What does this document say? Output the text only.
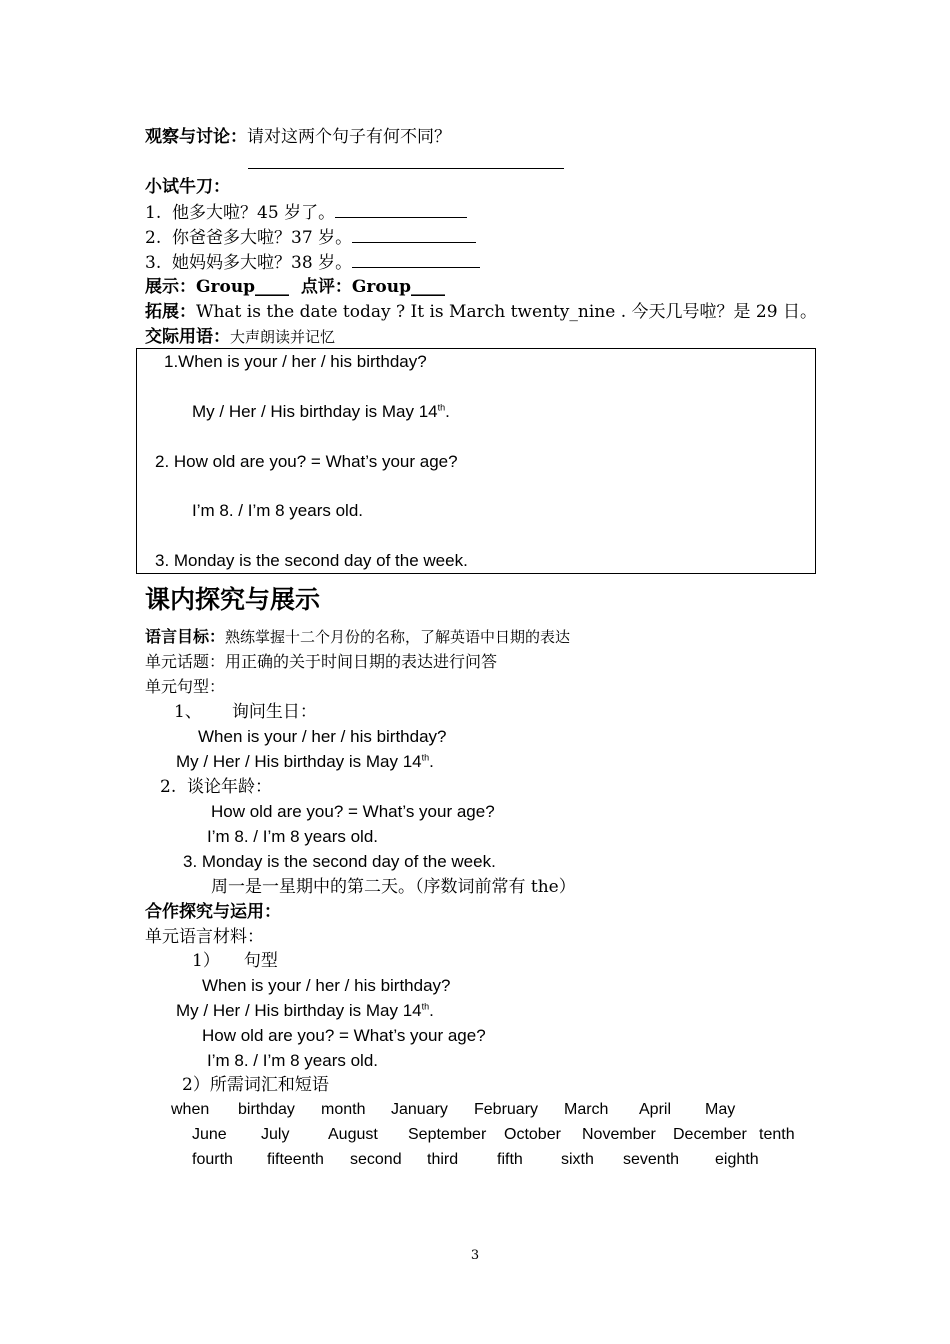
观察与讨论：请对这两个句子有何不同？
小试牛刀：
1. 他多大啦？45 岁了。
2. 你爸爸多大啦？37 岁。
3. 她妈妈多大啦？38 岁。
展示：Group____ 点评：Group____
拓展：What is the date today ? It is March twenty_nine . 今天几号啦？是 29 日。
交际用语：大声朗读并记忆
1.When is your / her / his birthday?
My / Her / His birthday is May 14th.
2. How old are you? = What’s your age?
I’m 8. / I’m 8 years old.
3. Monday is the second day of the week.
课内探究与展示
语言目标：熟练掌握十二个月份的名称，了解英语中日期的表达
单元话题：用正确的关于时间日期的表达进行问答
单元句型：
1、 询问生日：
When is your / her / his birthday?
My / Her / His birthday is May 14th.
2. 谈论年龄：
How old are you? = What’s your age?
I’m 8. / I’m 8 years old.
3. Monday is the second day of the week.
周一是一星期中的第二天。（序数词前常有 the）
合作探究与运用：
单元语言材料：
1） 句型
When is your / her / his birthday?
My / Her / His birthday is May 14th.
How old are you? = What’s your age?
I’m 8. / I’m 8 years old.
2）所需词汇和短语
when birthday month January February March April May
June July August September October November December tenth
fourth fifteenth second third fifth sixth seventh eighth
3
